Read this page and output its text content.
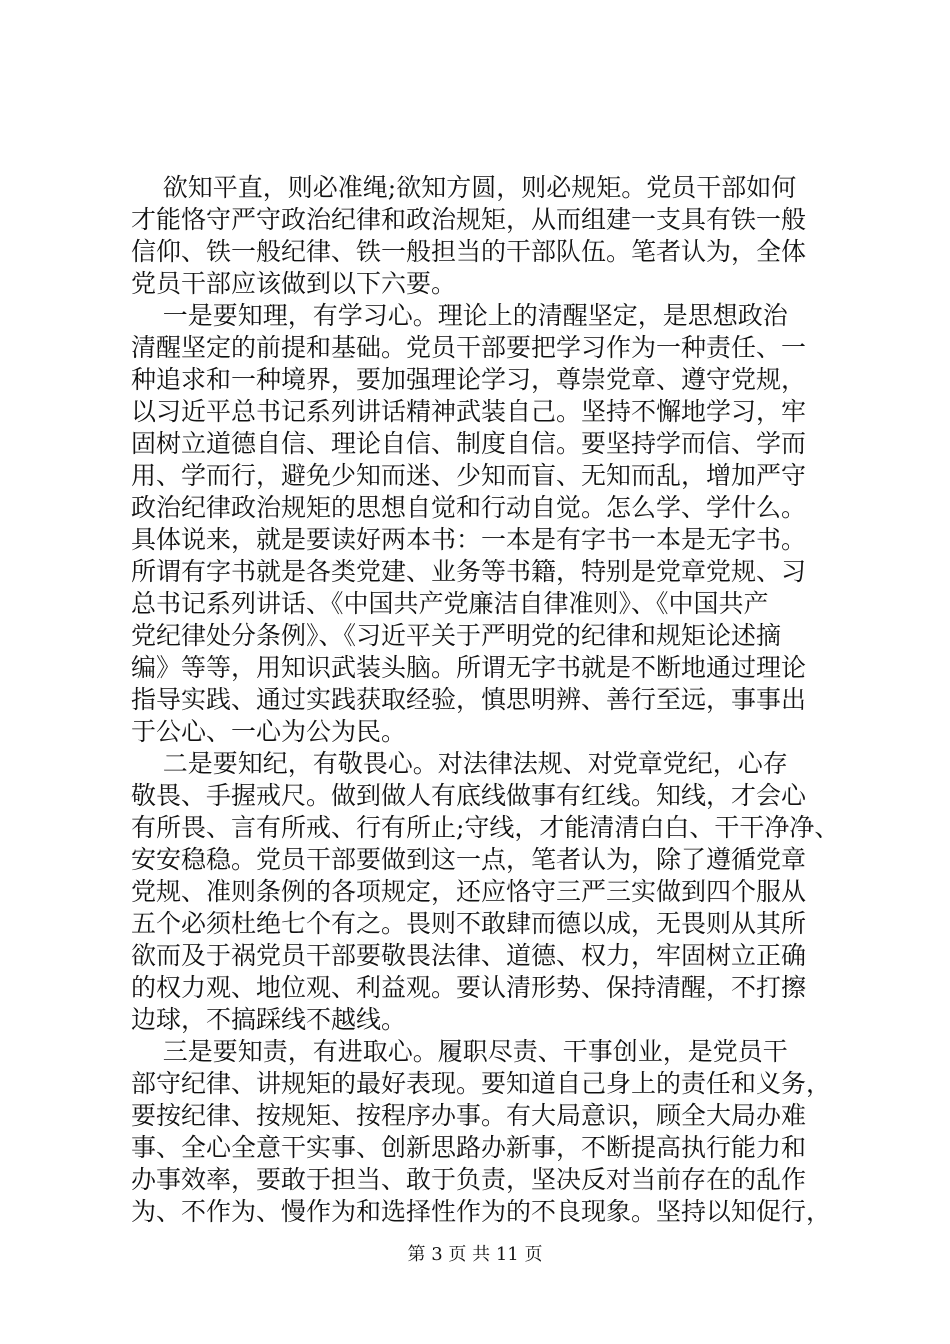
欲知平直，则必准绳;欲知方圆，则必规矩。党员干部如何
才能恪守严守政治纪律和政治规矩，从而组建一支具有铁一般
信仰、铁一般纪律、铁一般担当的干部队伍。笔者认为，全体
党员干部应该做到以下六要。
一是要知理，有学习心。理论上的清醒坚定，是思想政治
清醒坚定的前提和基础。党员干部要把学习作为一种责任、一
种追求和一种境界，要加强理论学习，尊崇党章、遵守党规，
以习近平总书记系列讲话精神武装自己。坚持不懈地学习，牢
固树立道德自信、理论自信、制度自信。要坚持学而信、学而
用、学而行，避免少知而迷、少知而盲、无知而乱，增加严守
政治纪律政治规矩的思想自觉和行动自觉。怎么学、学什么。
具体说来，就是要读好两本书：一本是有字书一本是无字书。
所谓有字书就是各类党建、业务等书籍，特别是党章党规、习
总书记系列讲话、《中国共产党廉洁自律准则》、《中国共产
党纪律处分条例》、《习近平关于严明党的纪律和规矩论述摘
编》等等，用知识武装头脑。所谓无字书就是不断地通过理论
指导实践、通过实践获取经验，慎思明辨、善行至远，事事出
于公心、一心为公为民。
二是要知纪，有敬畏心。对法律法规、对党章党纪，心存
敬畏、手握戒尺。做到做人有底线做事有红线。知线，才会心
有所畏、言有所戒、行有所止;守线，才能清清白白、干干净净、
安安稳稳。党员干部要做到这一点，笔者认为，除了遵循党章
党规、准则条例的各项规定，还应恪守三严三实做到四个服从
五个必须杜绝七个有之。畏则不敢肆而德以成，无畏则从其所
欲而及于祸党员干部要敬畏法律、道德、权力，牢固树立正确
的权力观、地位观、利益观。要认清形势、保持清醒，不打擦
边球，不搞踩线不越线。
三是要知责，有进取心。履职尽责、干事创业，是党员干
部守纪律、讲规矩的最好表现。要知道自己身上的责任和义务，
要按纪律、按规矩、按程序办事。有大局意识，顾全大局办难
事、全心全意干实事、创新思路办新事，不断提高执行能力和
办事效率，要敢于担当、敢于负责，坚决反对当前存在的乱作
为、不作为、慢作为和选择性作为的不良现象。坚持以知促行，
第 3 页 共 11 页
